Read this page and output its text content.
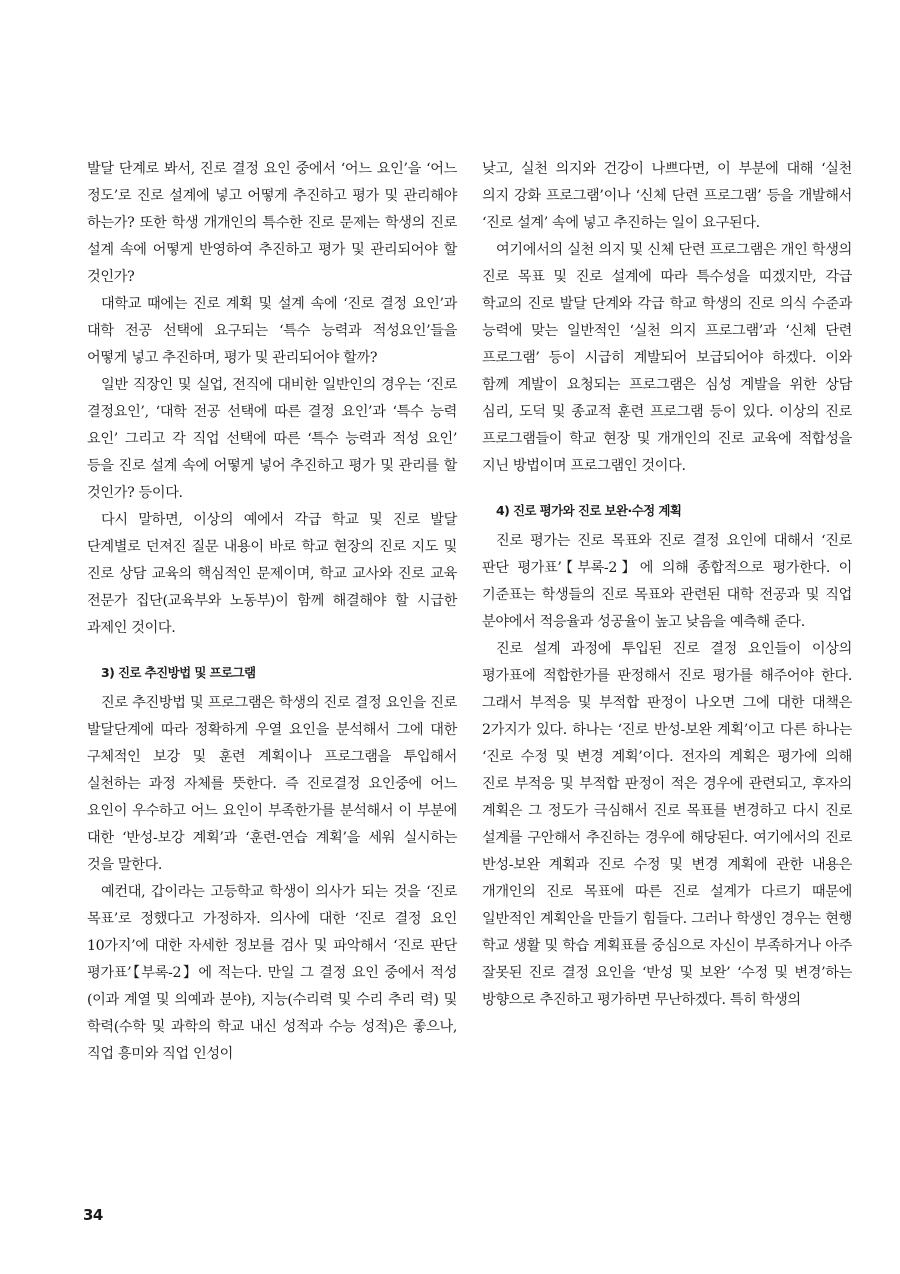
발달 단계로 봐서, 진로 결정 요인 중에서 ‘어느 요인’을 ‘어느 정도’로 진로 설계에 넣고 어떻게 추진하고 평가 및 관리해야 하는가? 또한 학생 개개인의 특수한 진로 문제는 학생의 진로 설계 속에 어떻게 반영하여 추진하고 평가 및 관리되어야 할 것인가?

대학교 때에는 진로 계획 및 설계 속에 ‘진로 결정 요인’과 대학 전공 선택에 요구되는 ‘특수 능력과 적성요인’들을 어떻게 넣고 추진하며, 평가 및 관리되어야 할까?

일반 직장인 및 실업, 전직에 대비한 일반인의 경우는 ‘진로 결정요인’, ‘대학 전공 선택에 따른 결정 요인’과 ‘특수 능력 요인’ 그리고 각 직업 선택에 따른 ‘특수 능력과 적성 요인’ 등을 진로 설계 속에 어떻게 넣어 추진하고 평가 및 관리를 할 것인가? 등이다.

다시 말하면, 이상의 예에서 각급 학교 및 진로 발달 단계별로 던져진 질문 내용이 바로 학교 현장의 진로 지도 및 진로 상담 교육의 핵심적인 문제이며, 학교 교사와 진로 교육 전문가 집단(교육부와 노동부)이 함께 해결해야 할 시급한 과제인 것이다.

3) 진로 추진방법 및 프로그램

진로 추진방법 및 프로그램은 학생의 진로 결정 요인을 진로 발달단계에 따라 정확하게 우열 요인을 분석해서 그에 대한 구체적인 보강 및 훈련 계획이나 프로그램을 투입해서 실천하는 과정 자체를 뜻한다. 즉 진로결정 요인중에 어느 요인이 우수하고 어느 요인이 부족한가를 분석해서 이 부분에 대한 ‘반성-보강 계획’과 ‘훈련-연습 계획’을 세워 실시하는 것을 말한다.

예컨대, 갑이라는 고등학교 학생이 의사가 되는 것을 ‘진로 목표’로 정했다고 가정하자. 의사에 대한 ‘진로 결정 요인 10가지’에 대한 자세한 정보를 검사 및 파악해서 ‘진로 판단 평가표’【부록-2】에 적는다. 만일 그 결정 요인 중에서 적성(이과 계열 및 의예과 분야), 지능(수리력 및 수리 추리 력) 및 학력(수학 및 과학의 학교 내신 성적과 수능 성적)은 좋으나, 직업 흥미와 직업 인성이

낮고, 실천 의지와 건강이 나쁘다면, 이 부분에 대해 ‘실천 의지 강화 프로그램’이나 ‘신체 단련 프로그램’ 등을 개발해서 ‘진로 설계’ 속에 넣고 추진하는 일이 요구된다.

여기에서의 실천 의지 및 신체 단련 프로그램은 개인 학생의 진로 목표 및 진로 설계에 따라 특수성을 띠겠지만, 각급 학교의 진로 발달 단계와 각급 학교 학생의 진로 의식 수준과 능력에 맞는 일반적인 ‘실천 의지 프로그램’과 ‘신체 단련 프로그램’ 등이 시급히 계발되어 보급되어야 하겠다. 이와 함께 계발이 요청되는 프로그램은 심성 계발을 위한 상담 심리, 도덕 및 종교적 훈련 프로그램 등이 있다. 이상의 진로 프로그램들이 학교 현장 및 개개인의 진로 교육에 적합성을 지닌 방법이며 프로그램인 것이다.

4) 진로 평가와 진로 보완·수정 계획

진로 평가는 진로 목표와 진로 결정 요인에 대해서 ‘진로 판단 평가표’【부록-2】에 의해 종합적으로 평가한다. 이 기준표는 학생들의 진로 목표와 관련된 대학 전공과 및 직업 분야에서 적응율과 성공율이 높고 낮음을 예측해 준다.

진로 설계 과정에 투입된 진로 결정 요인들이 이상의 평가표에 적합한가를 판정해서 진로 평가를 해주어야 한다. 그래서 부적응 및 부적합 판정이 나오면 그에 대한 대책은 2가지가 있다. 하나는 ‘진로 반성-보완 계획’이고 다른 하나는 ‘진로 수정 및 변경 계획’이다. 전자의 계획은 평가에 의해 진로 부적응 및 부적합 판정이 적은 경우에 관련되고, 후자의 계획은 그 정도가 극심해서 진로 목표를 변경하고 다시 진로 설계를 구안해서 추진하는 경우에 해당된다. 여기에서의 진로 반성-보완 계획과 진로 수정 및 변경 계획에 관한 내용은 개개인의 진로 목표에 따른 진로 설계가 다르기 때문에 일반적인 계획안을 만들기 힘들다. 그러나 학생인 경우는 현행 학교 생활 및 학습 계획표를 중심으로 자신이 부족하거나 아주 잘못된 진로 결정 요인을 ‘반성 및 보완’ ‘수정 및 변경’하는 방향으로 추진하고 평가하면 무난하겠다. 특히 학생의

34
